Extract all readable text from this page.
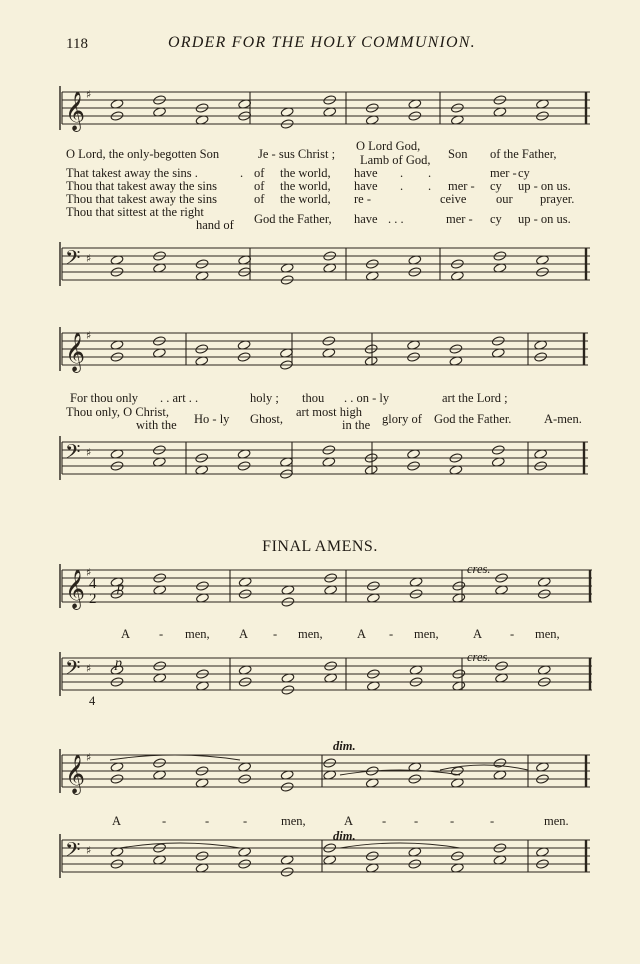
118	ORDER FOR THE HOLY COMMUNION.
𝄞 ♯
𝄢 ♯
𝄞 ♯
𝄢 ♯
𝄞 ♯
𝄢 ♯
𝄞 ♯
𝄢 ♯
O Lord, the only-begotten Son	Je - sus Christ ;
O Lord God,
Lamb of God, Son of the Father,
That takest away the sins .	. of the world, have . .	mer - cy
Thou that takest away the sins	of the world, have . . mer - cy up - on us.
Thou that takest away the sins	of the world, re -	ceive our prayer.
Thou that sittest at the right
hand of God the Father, have . . .	mer - cy up - on us.
For thou only . . art . .	holy ; thou . . on - ly	art the Lord ;
Thou only, O Christ,
with the Ho - ly Ghost, art most high
in the glory of God the Father.	A-men.
FINAL AMENS.
4
2
p
cres.
p	cres.
4
A - men, A - men,	A - men,	A - men,
dim.
dim.
A	-	-	-	men,	A - -	-	-	men.
